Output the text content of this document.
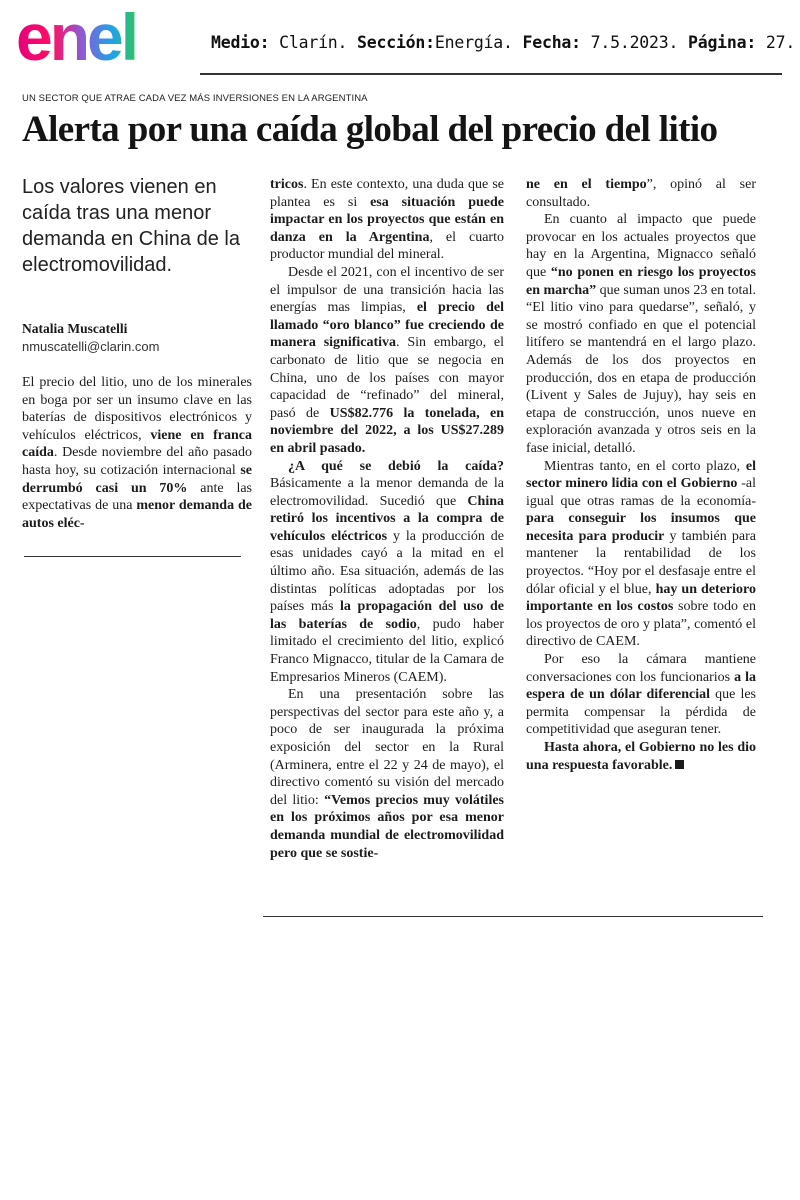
enel	Medio: Clarín. Sección:Energía. Fecha: 7.5.2023. Página: 27.
UN SECTOR QUE ATRAE CADA VEZ MÁS INVERSIONES EN LA ARGENTINA
Alerta por una caída global del precio del litio
Los valores vienen en caída tras una menor demanda en China de la electromovilidad.
Natalia Muscatelli
nmuscatelli@clarin.com

El precio del litio, uno de los minerales en boga por ser un insumo clave en las baterías de dispositivos electrónicos y vehículos eléctricos, viene en franca caída. Desde noviembre del año pasado hasta hoy, su cotización internacional se derrumbó casi un 70% ante las expectativas de una menor demanda de autos eléc-

tricos. En este contexto, una duda que se plantea es si esa situación puede impactar en los proyectos que están en danza en la Argentina, el cuarto productor mundial del mineral.

Desde el 2021, con el incentivo de ser el impulsor de una transición hacia las energías mas limpias, el precio del llamado “oro blanco” fue creciendo de manera significativa. Sin embargo, el carbonato de litio que se negocia en China, uno de los países con mayor capacidad de “refinado” del mineral, pasó de US$82.776 la tonelada, en noviembre del 2022, a los US$27.289 en abril pasado.

¿A qué se debió la caída? Básicamente a la menor demanda de la electromovilidad. Sucedió que China retiró los incentivos a la compra de vehículos eléctricos y la producción de esas unidades cayó a la mitad en el último año. Esa situación, además de las distintas políticas adoptadas por los países más la propagación del uso de las baterías de sodio, pudo haber limitado el crecimiento del litio, explicó Franco Mignacco, titular de la Camara de Empresarios Mineros (CAEM).

En una presentación sobre las perspectivas del sector para este año y, a poco de ser inaugurada la próxima exposición del sector en la Rural (Arminera, entre el 22 y 24 de mayo), el directivo comentó su visión del mercado del litio: “Vemos precios muy volátiles en los próximos años por esa menor demanda mundial de electromovilidad pero que se sostie-

ne en el tiempo”, opinó al ser consultado.

En cuanto al impacto que puede provocar en los actuales proyectos que hay en la Argentina, Mignacco señaló que “no ponen en riesgo los proyectos en marcha” que suman unos 23 en total. “El litio vino para quedarse”, señaló, y se mostró confiado en que el potencial litífero se mantendrá en el largo plazo. Además de los dos proyectos en producción, dos en etapa de producción (Livent y Sales de Jujuy), hay seis en etapa de construcción, unos nueve en exploración avanzada y otros seis en la fase inicial, detalló.

Mientras tanto, en el corto plazo, el sector minero lidia con el Gobierno -al igual que otras ramas de la economía- para conseguir los insumos que necesita para producir y también para mantener la rentabilidad de los proyectos. “Hoy por el desfasaje entre el dólar oficial y el blue, hay un deterioro importante en los costos sobre todo en los proyectos de oro y plata”, comentó el directivo de CAEM.

Por eso la cámara mantiene conversaciones con los funcionarios a la espera de un dólar diferencial que les permita compensar la pérdida de competitividad que aseguran tener.

Hasta ahora, el Gobierno no les dio una respuesta favorable.
